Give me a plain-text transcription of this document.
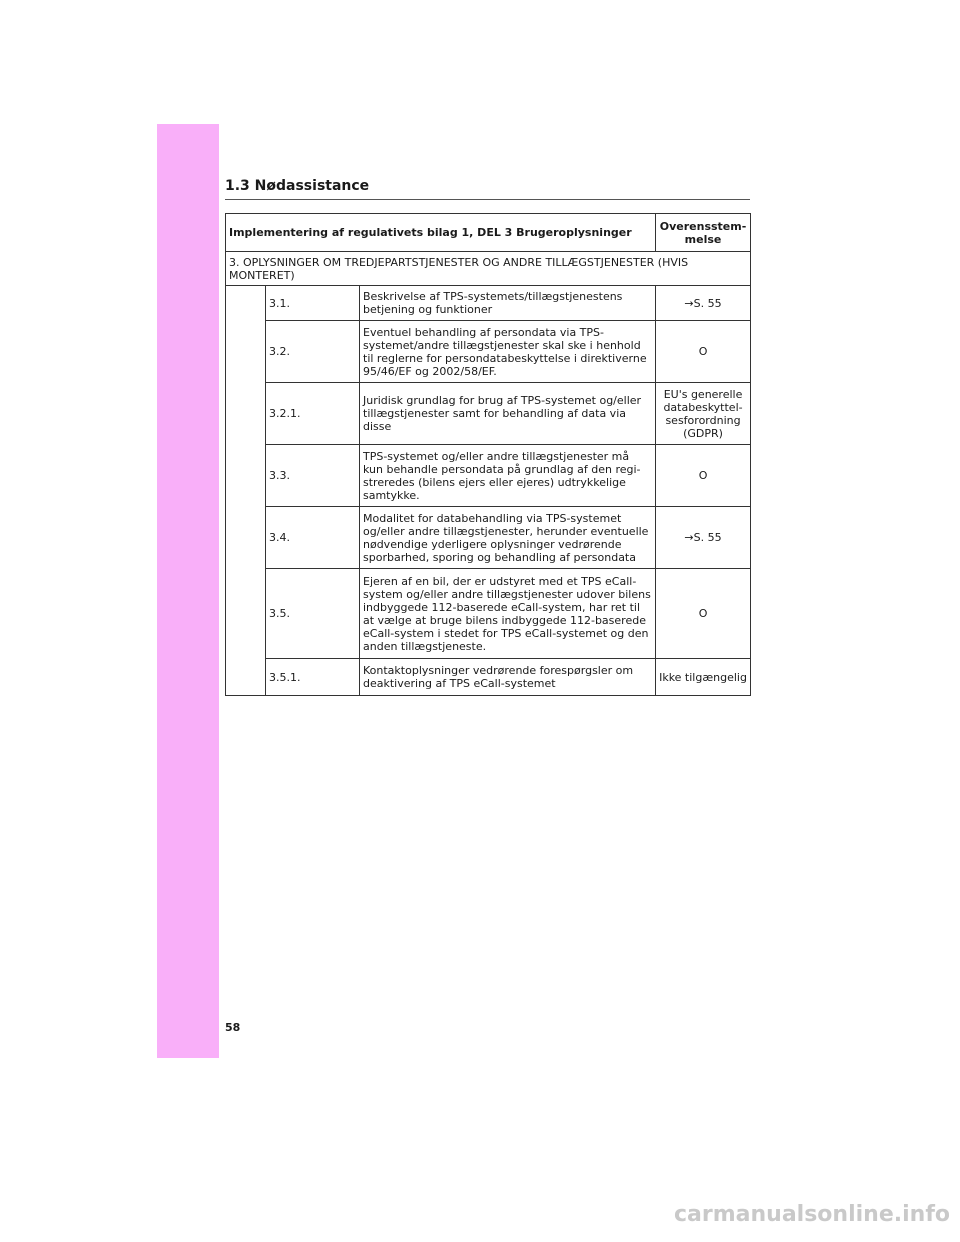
1.3 Nødassistance
Implementering af regulativets bilag 1, DEL 3 Brugeroplysninger			Overensstem- melse
3. OPLYSNINGER OM TREDJEPARTSTJENESTER OG ANDRE TILLÆGSTJENESTER (HVIS MONTERET)			
	3.1.	Beskrivelse af TPS-systemets/tillægstjenestens betjening og funktioner	→S. 55
	3.2.	Eventuel behandling af persondata via TPS-systemet/andre tillægstjenester skal ske i henhold til reglerne for persondatabeskyttelse i direktiverne 95/46/EF og 2002/58/EF.	O
	3.2.1.	Juridisk grundlag for brug af TPS-systemet og/eller tillægstjenester samt for behandling af data via disse	EU's generelle databeskyttel- sesforordning (GDPR)
	3.3.	TPS-systemet og/eller andre tillægstjenester må kun behandle persondata på grundlag af den regi- streredes (bilens ejers eller ejeres) udtrykkelige samtykke.	O
	3.4.	Modalitet for databehandling via TPS-systemet og/eller andre tillægstjenester, herunder eventuelle nødvendige yderligere oplysninger vedrørende sporbarhed, sporing og behandling af persondata	→S. 55
	3.5.	Ejeren af en bil, der er udstyret med et TPS eCall-system og/eller andre tillægstjenester udover bilens indbyggede 112-baserede eCall-system, har ret til at vælge at bruge bilens indbyggede 112-baserede eCall-system i stedet for TPS eCall-systemet og den anden tillægstjeneste.	O
	3.5.1.	Kontaktoplysninger vedrørende forespørgsler om deaktivering af TPS eCall-systemet	Ikke tilgængelig
58
carmanualsonline.info
